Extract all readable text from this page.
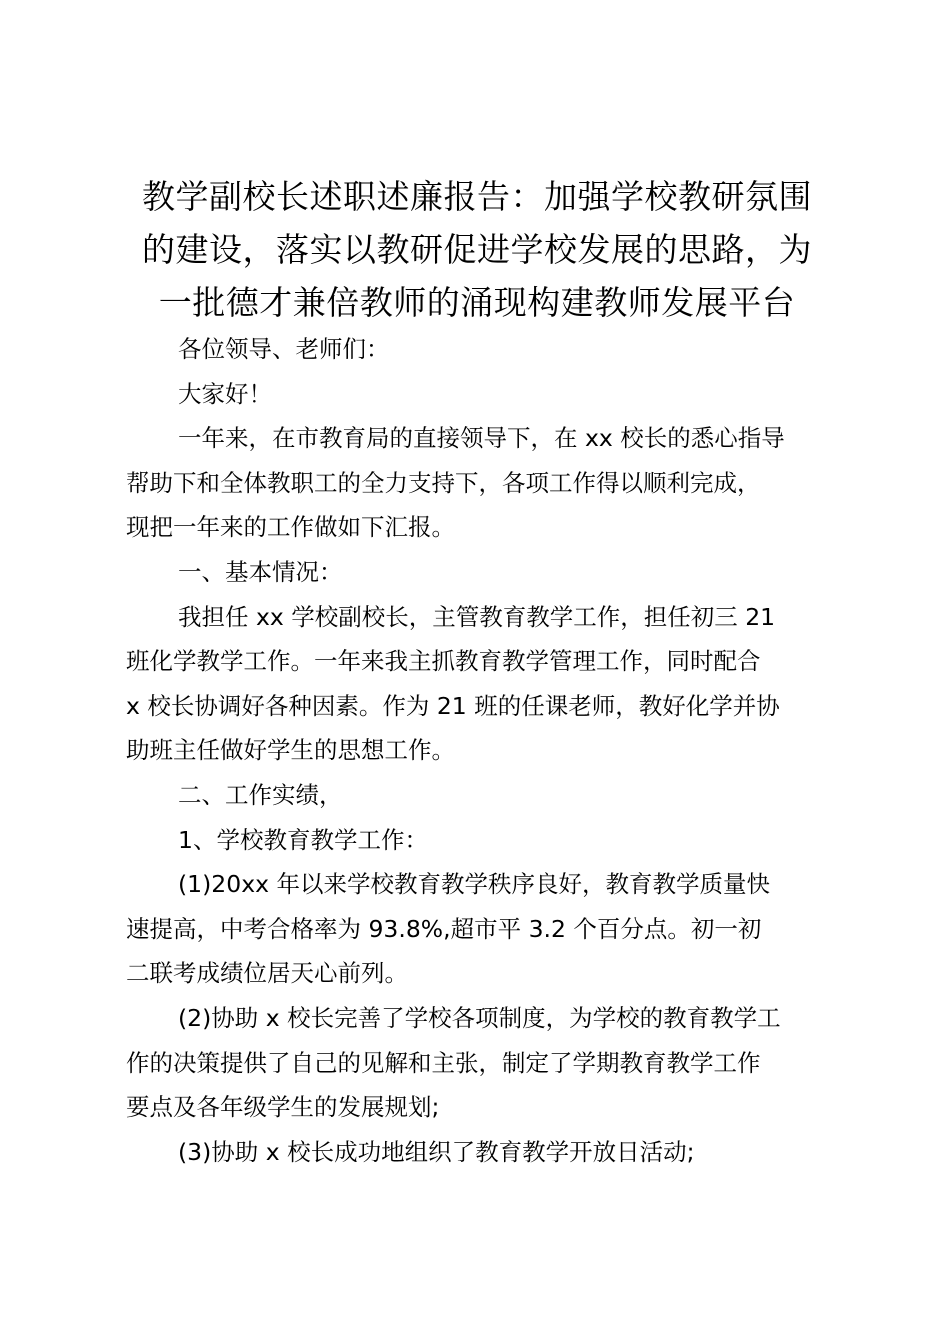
教学副校长述职述廉报告：加强学校教研氛围
的建设，落实以教研促进学校发展的思路，为
一批德才兼倍教师的涌现构建教师发展平台
各位领导、老师们：
大家好！
一年来，在市教育局的直接领导下，在 xx 校长的悉心指导
帮助下和全体教职工的全力支持下，各项工作得以顺利完成，
现把一年来的工作做如下汇报。
一、基本情况：
我担任 xx 学校副校长，主管教育教学工作，担任初三 21
班化学教学工作。一年来我主抓教育教学管理工作，同时配合
x 校长协调好各种因素。作为 21 班的任课老师，教好化学并协
助班主任做好学生的思想工作。
二、工作实绩，
1、学校教育教学工作：
(1)20xx 年以来学校教育教学秩序良好，教育教学质量快
速提高，中考合格率为 93.8%,超市平 3.2 个百分点。初一初
二联考成绩位居天心前列。
(2)协助 x 校长完善了学校各项制度，为学校的教育教学工
作的决策提供了自己的见解和主张，制定了学期教育教学工作
要点及各年级学生的发展规划;
(3)协助 x 校长成功地组织了教育教学开放日活动;
